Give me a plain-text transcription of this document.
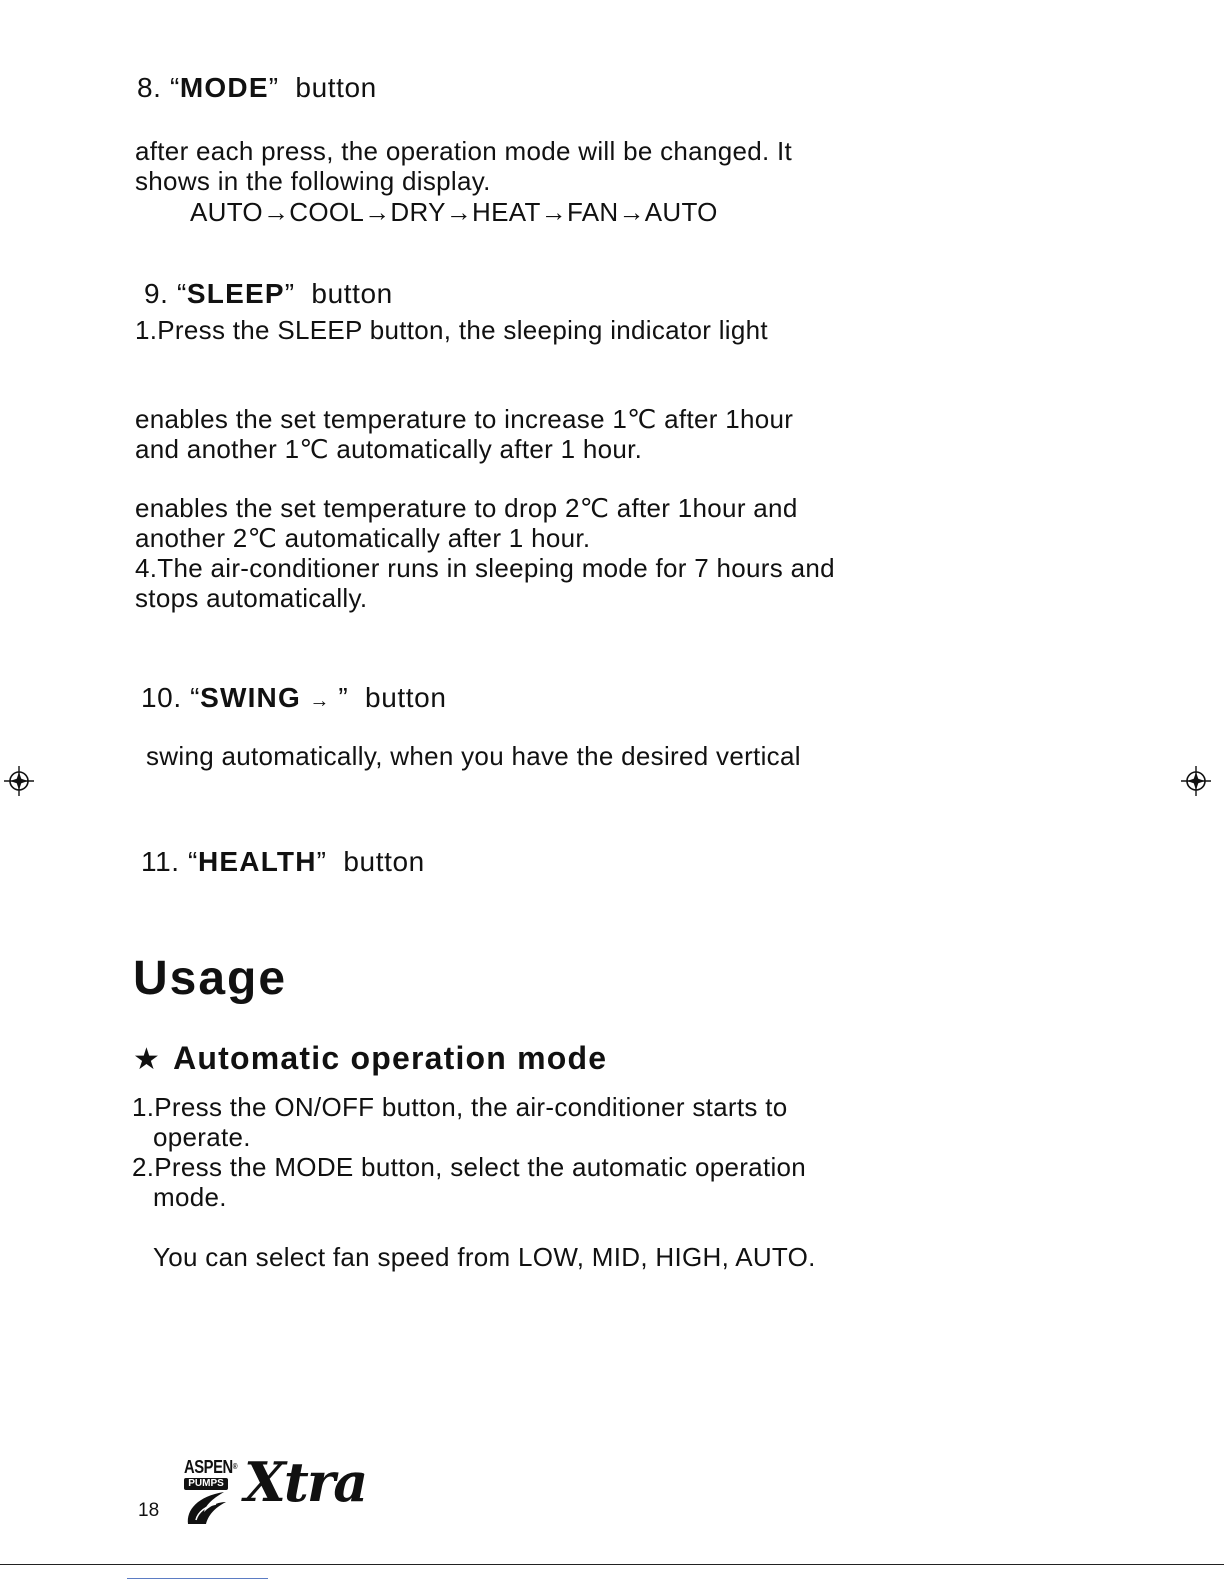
8. “MODE” button
after each press, the operation mode will be changed. It
shows in the following display.
AUTO→COOL→DRY→HEAT→FAN→AUTO
9. “SLEEP” button
1.Press the SLEEP button, the sleeping indicator light
enables the set temperature to increase 1℃ after 1hour
and another 1℃ automatically after 1 hour.
enables the set temperature to drop 2℃ after 1hour and
another 2℃ automatically after 1 hour.
4.The air-conditioner runs in sleeping mode for 7 hours and
stops automatically.
10. “SWING → ” button
swing automatically, when you have the desired vertical
11. “HEALTH” button
Usage
★ Automatic operation mode
1.Press the ON/OFF button, the air-conditioner starts to
operate.
2.Press the MODE button, select the automatic operation
mode.
You can select fan speed from LOW, MID, HIGH, AUTO.
18
ASPEN®
PUMPS Xtra
